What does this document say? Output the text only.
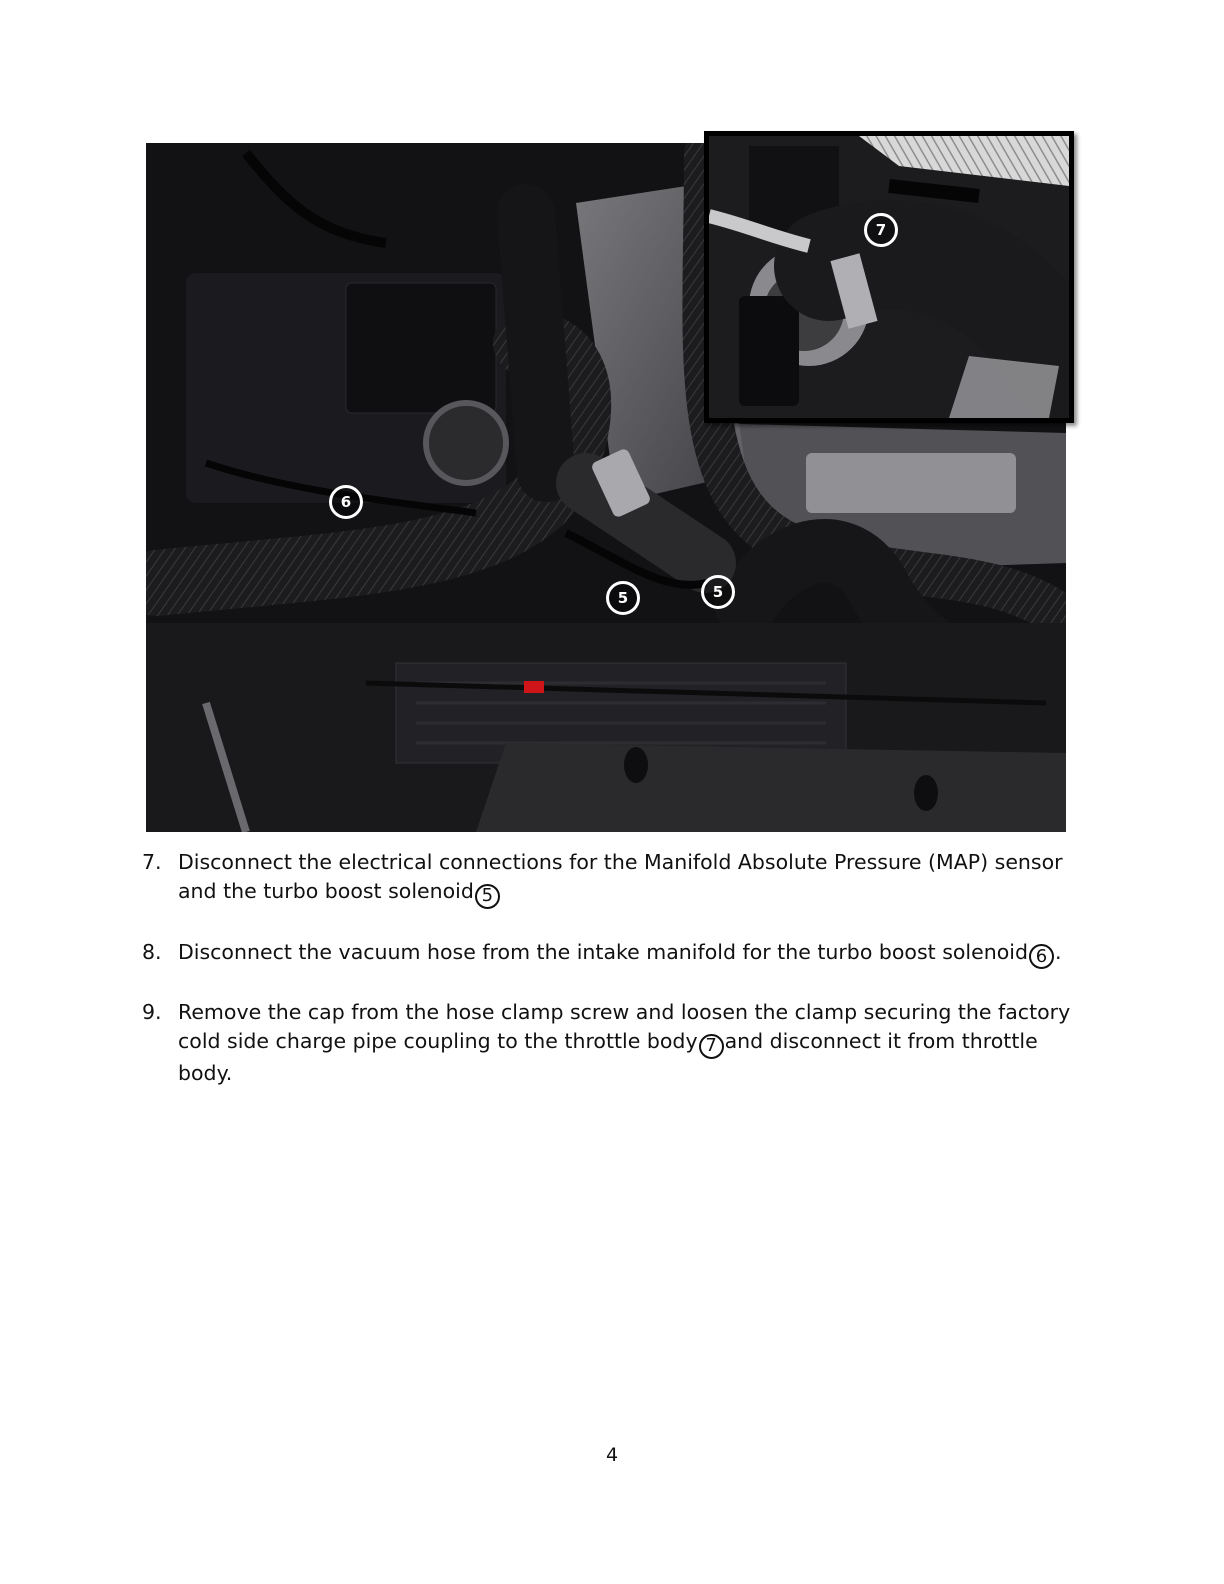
6
5	5
7
7. Disconnect the electrical connections for the Manifold Absolute Pressure (MAP) sensor and the turbo boost solenoid 5
8. Disconnect the vacuum hose from the intake manifold for the turbo boost solenoid 6 .
9. Remove the cap from the hose clamp screw and loosen the clamp securing the factory cold side charge pipe coupling to the throttle body 7 and disconnect it from throttle body.
4
